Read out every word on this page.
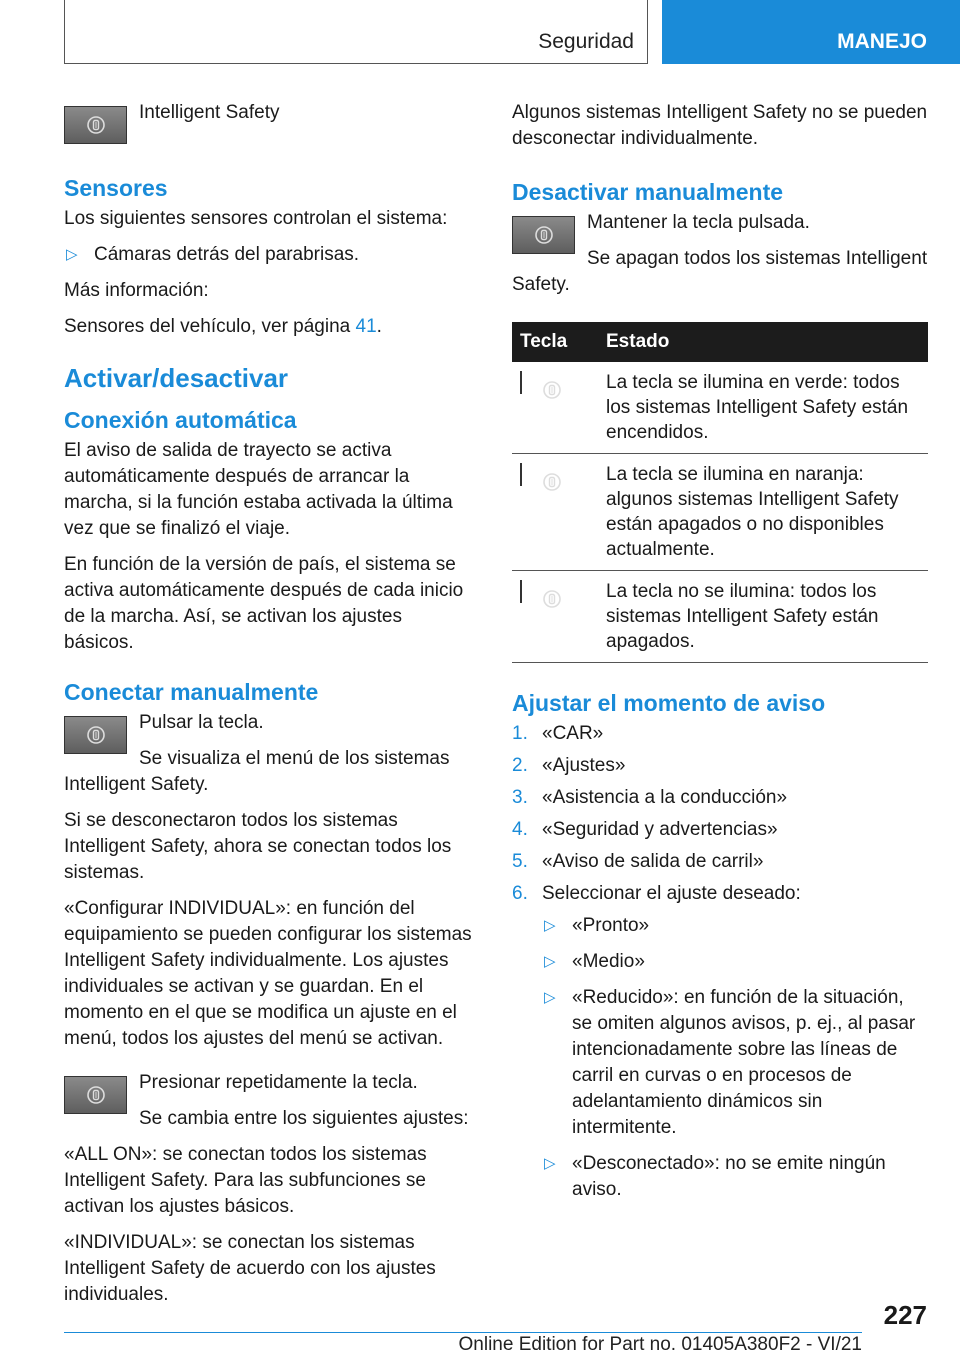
Seguridad	MANEJO

Intelligent Safety

Sensores

Los siguientes sensores controlan el sistema:

▷ Cámaras detrás del parabrisas.

Más información:

Sensores del vehículo, ver página 41.

Activar/desactivar
Conexión automática

El aviso de salida de trayecto se activa automáticamente después de arrancar la marcha, si la función estaba activada la última vez que se finalizó el viaje.

En función de la versión de país, el sistema se activa automáticamente después de cada inicio de la marcha. Así, se activan los ajustes básicos.

Conectar manualmente

Pulsar la tecla.

Se visualiza el menú de los sistemas Intelligent Safety.

Si se desconectaron todos los sistemas Intelligent Safety, ahora se conectan todos los sistemas.

«Configurar INDIVIDUAL»: en función del equipamiento se pueden configurar los sistemas Intelligent Safety individualmente. Los ajustes individuales se activan y se guardan. En el momento en el que se modifica un ajuste en el menú, todos los ajustes del menú se activan.

Presionar repetidamente la tecla.

Se cambia entre los siguientes ajustes:

«ALL ON»: se conectan todos los sistemas Intelligent Safety. Para las subfunciones se activan los ajustes básicos.

«INDIVIDUAL»: se conectan los sistemas Intelligent Safety de acuerdo con los ajustes individuales.

Algunos sistemas Intelligent Safety no se pueden desconectar individualmente.

Desactivar manualmente

Mantener la tecla pulsada.

Se apagan todos los sistemas Intelligent Safety.

Tecla	Estado

	La tecla se ilumina en verde: todos los sistemas Intelligent Safety están encendidos.

	La tecla se ilumina en naranja: algunos sistemas Intelligent Safety están apagados o no disponibles actualmente.

	La tecla no se ilumina: todos los sistemas Intelligent Safety están apagados.
Ajustar el momento de aviso

1. «CAR»

2. «Ajustes»

3. «Asistencia a la conducción»

4. «Seguridad y advertencias»

5. «Aviso de salida de carril»

6. Seleccionar el ajuste deseado:

▷ «Pronto»

▷ «Medio»

▷ «Reducido»: en función de la situación, se omiten algunos avisos, p. ej., al pasar intencionadamente sobre las líneas de carril en curvas o en procesos de adelantamiento dinámicos sin intermitente.

▷ «Desconectado»: no se emite ningún aviso.

227
Online Edition for Part no. 01405A380F2 - VI/21
